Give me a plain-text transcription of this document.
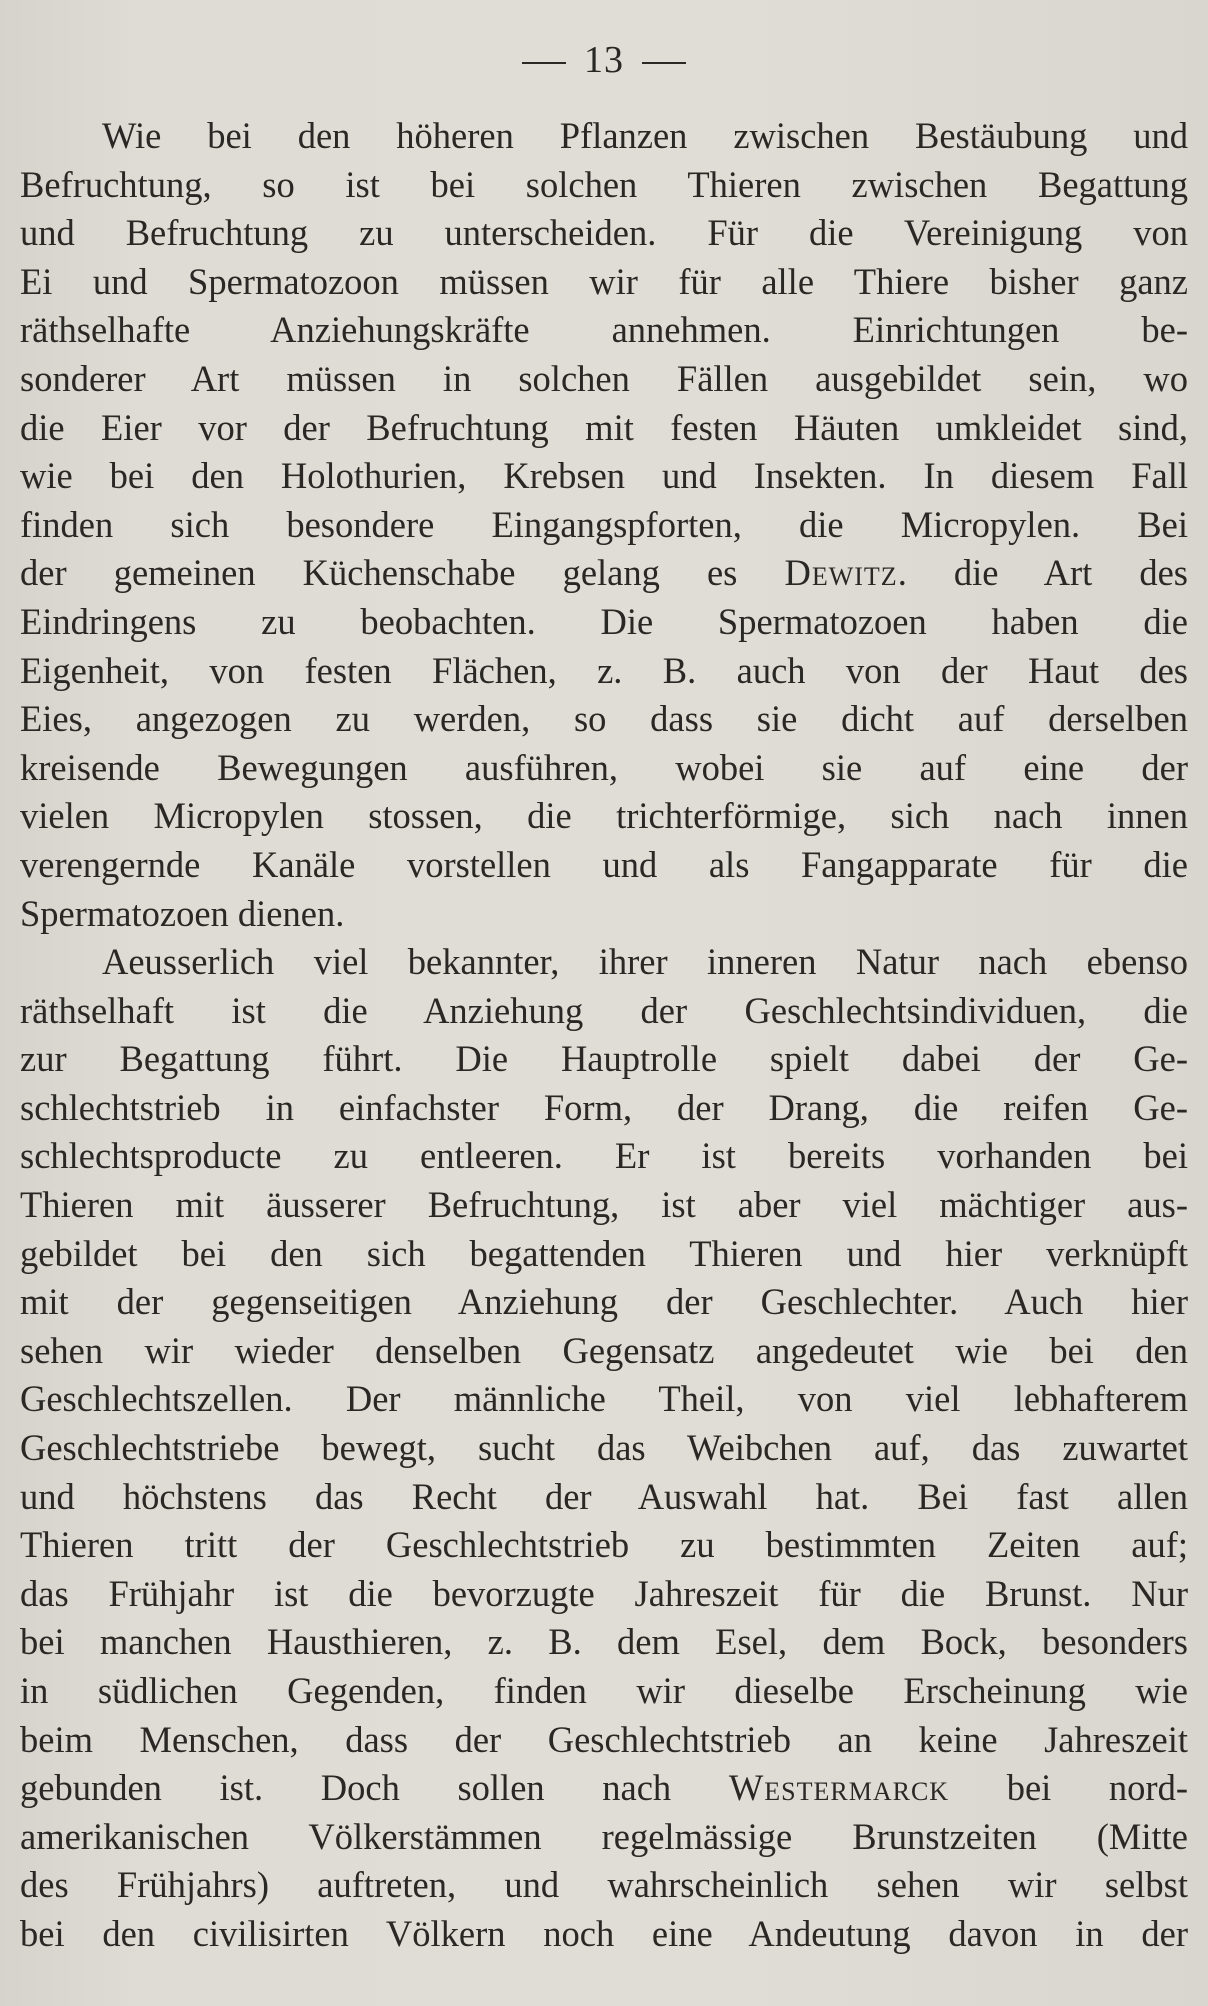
13
Wie bei den höheren Pflanzen zwischen Bestäubung und
Befruchtung, so ist bei solchen Thieren zwischen Begattung
und Befruchtung zu unterscheiden. Für die Vereinigung von
Ei und Spermatozoon müssen wir für alle Thiere bisher ganz
räthselhafte Anziehungskräfte annehmen. Einrichtungen be-
sonderer Art müssen in solchen Fällen ausgebildet sein, wo
die Eier vor der Befruchtung mit festen Häuten umkleidet sind,
wie bei den Holothurien, Krebsen und Insekten. In diesem Fall
finden sich besondere Eingangspforten, die Micropylen. Bei
der gemeinen Küchenschabe gelang es Dewitz. die Art des
Eindringens zu beobachten. Die Spermatozoen haben die
Eigenheit, von festen Flächen, z. B. auch von der Haut des
Eies, angezogen zu werden, so dass sie dicht auf derselben
kreisende Bewegungen ausführen, wobei sie auf eine der
vielen Micropylen stossen, die trichterförmige, sich nach innen
verengernde Kanäle vorstellen und als Fangapparate für die
Spermatozoen dienen.
Aeusserlich viel bekannter, ihrer inneren Natur nach ebenso
räthselhaft ist die Anziehung der Geschlechtsindividuen, die
zur Begattung führt. Die Hauptrolle spielt dabei der Ge-
schlechtstrieb in einfachster Form, der Drang, die reifen Ge-
schlechtsproducte zu entleeren. Er ist bereits vorhanden bei
Thieren mit äusserer Befruchtung, ist aber viel mächtiger aus-
gebildet bei den sich begattenden Thieren und hier verknüpft
mit der gegenseitigen Anziehung der Geschlechter. Auch hier
sehen wir wieder denselben Gegensatz angedeutet wie bei den
Geschlechtszellen. Der männliche Theil, von viel lebhafterem
Geschlechtstriebe bewegt, sucht das Weibchen auf, das zuwartet
und höchstens das Recht der Auswahl hat. Bei fast allen
Thieren tritt der Geschlechtstrieb zu bestimmten Zeiten auf;
das Frühjahr ist die bevorzugte Jahreszeit für die Brunst. Nur
bei manchen Hausthieren, z. B. dem Esel, dem Bock, besonders
in südlichen Gegenden, finden wir dieselbe Erscheinung wie
beim Menschen, dass der Geschlechtstrieb an keine Jahreszeit
gebunden ist. Doch sollen nach Westermarck bei nord-
amerikanischen Völkerstämmen regelmässige Brunstzeiten (Mitte
des Frühjahrs) auftreten, und wahrscheinlich sehen wir selbst
bei den civilisirten Völkern noch eine Andeutung davon in der
